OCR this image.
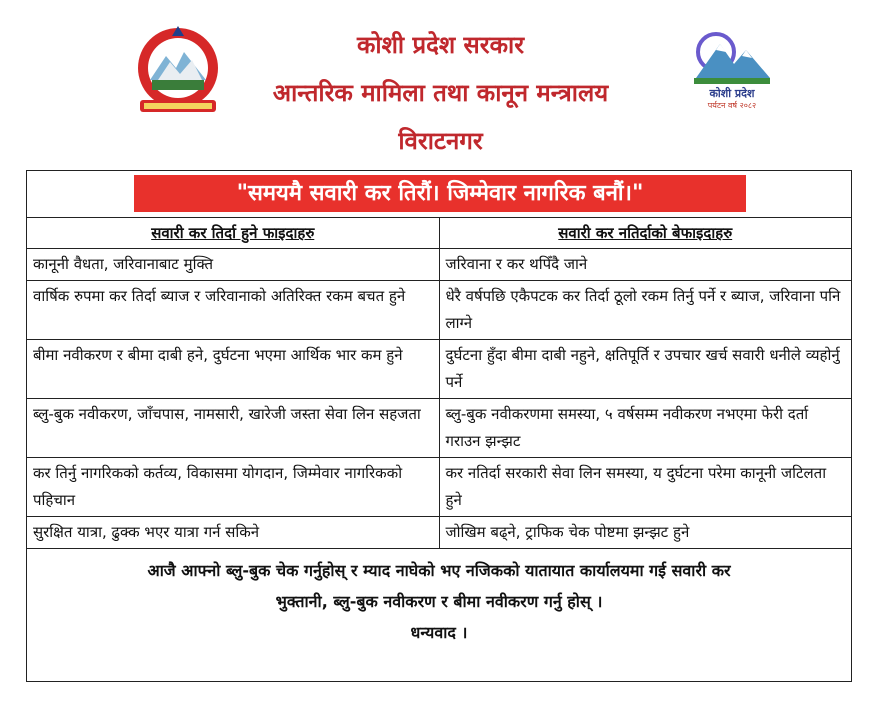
कोशी प्रदेश सरकार
आन्तरिक मामिला तथा कानून मन्त्रालय
विराटनगर
कोशी प्रदेश
पर्यटन वर्ष २०८२
"समयमै सवारी कर तिरौं। जिम्मेवार नागरिक बनौं।"
सवारी कर तिर्दा हुने फाइदाहरु	सवारी कर नतिर्दाको बेफाइदाहरु
कानूनी वैधता, जरिवानाबाट मुक्ति	जरिवाना र कर थपिँदै जाने
वार्षिक रुपमा कर तिर्दा ब्याज र जरिवानाको अतिरिक्त रकम बचत हुने	धेरै वर्षपछि एकैपटक कर तिर्दा ठूलो रकम तिर्नु पर्ने र ब्याज, जरिवाना पनि लाग्ने
बीमा नवीकरण र बीमा दाबी हने, दुर्घटना भएमा आर्थिक भार कम हुने	दुर्घटना हुँदा बीमा दाबी नहुने, क्षतिपूर्ति र उपचार खर्च सवारी धनीले व्यहोर्नु पर्ने
ब्लु-बुक नवीकरण, जाँचपास, नामसारी, खारेजी जस्ता सेवा लिन सहजता	ब्लु-बुक नवीकरणमा समस्या, ५ वर्षसम्म नवीकरण नभएमा फेरी दर्ता गराउन झन्झट
कर तिर्नु नागरिकको कर्तव्य, विकासमा योगदान, जिम्मेवार नागरिकको पहिचान	कर नतिर्दा सरकारी सेवा लिन समस्या, य दुर्घटना परेमा कानूनी जटिलता हुने
सुरक्षित यात्रा, ढुक्क भएर यात्रा गर्न सकिने	जोखिम बढ्ने, ट्राफिक चेक पोष्टमा झन्झट हुने
आजै आफ्नो ब्लु-बुक चेक गर्नुहोस् र म्याद नाघेको भए नजिकको यातायात कार्यालयमा गई सवारी कर
भुक्तानी, ब्लु-बुक नवीकरण र बीमा नवीकरण गर्नु होस् ।
धन्यवाद ।
